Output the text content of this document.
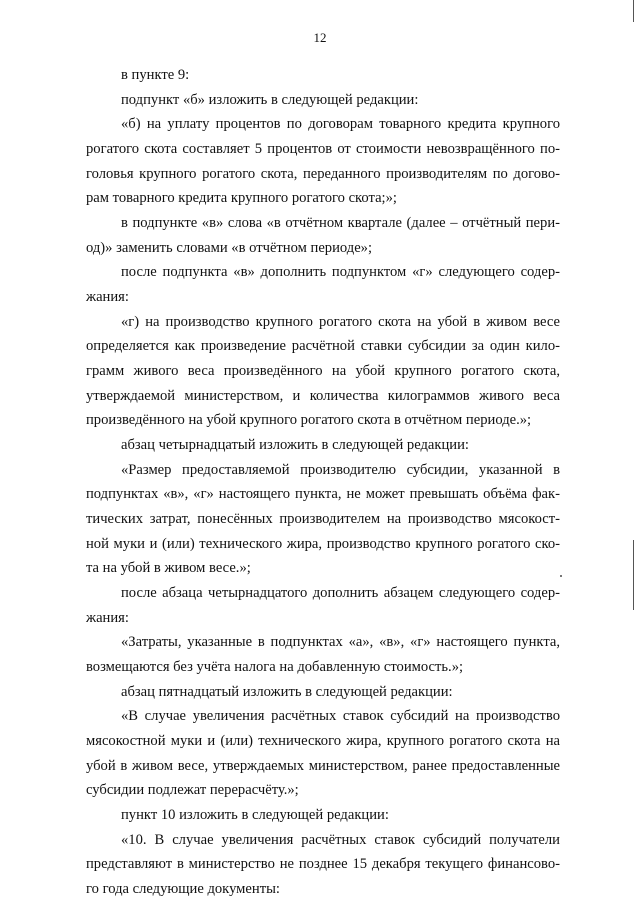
12
в пункте 9:
подпункт «б» изложить в следующей редакции:
«б) на уплату процентов по договорам товарного кредита крупного
рогатого скота составляет 5 процентов от стоимости невозвращённого по-
головья крупного рогатого скота, переданного производителям по догово-
рам товарного кредита крупного рогатого скота;»;
в подпункте «в» слова «в отчётном квартале (далее – отчётный пери-
од)» заменить словами «в отчётном периоде»;
после подпункта «в» дополнить подпунктом «г» следующего содер-
жания:
«г) на производство крупного рогатого скота на убой в живом весе
определяется как произведение расчётной ставки субсидии за один кило-
грамм живого веса произведённого на убой крупного рогатого скота,
утверждаемой министерством, и количества килограммов живого веса
произведённого на убой крупного рогатого скота в отчётном периоде.»;
абзац четырнадцатый изложить в следующей редакции:
«Размер предоставляемой производителю субсидии, указанной в
подпунктах «в», «г» настоящего пункта, не может превышать объёма фак-
тических затрат, понесённых производителем на производство мясокост-
ной муки и (или) технического жира, производство крупного рогатого ско-
та на убой в живом весе.»;
после абзаца четырнадцатого дополнить абзацем следующего содер-
жания:
«Затраты, указанные в подпунктах «а», «в», «г» настоящего пункта,
возмещаются без учёта налога на добавленную стоимость.»;
абзац пятнадцатый изложить в следующей редакции:
«В случае увеличения расчётных ставок субсидий на производство
мясокостной муки и (или) технического жира, крупного рогатого скота на
убой в живом весе, утверждаемых министерством, ранее предоставленные
субсидии подлежат перерасчёту.»;
пункт 10 изложить в следующей редакции:
«10. В случае увеличения расчётных ставок субсидий получатели
представляют в министерство не позднее 15 декабря текущего финансово-
го года следующие документы:
